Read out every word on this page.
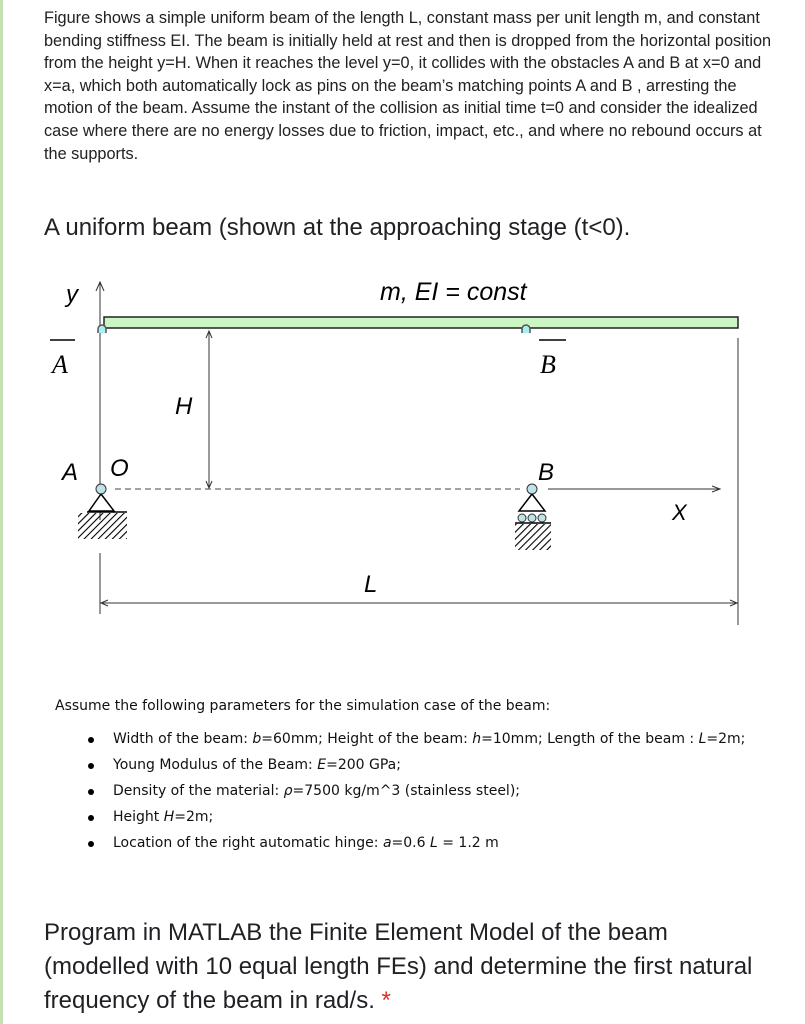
Figure shows a simple uniform beam of the length L, constant mass per unit length m, and constant bending stiffness EI. The beam is initially held at rest and then is dropped from the horizontal position from the height y=H. When it reaches the level y=0, it collides with the obstacles A and B at x=0 and x=a, which both automatically lock as pins on the beam’s matching points A and B , arresting the motion of the beam. Assume the instant of the collision as initial time t=0 and consider the idealized case where there are no energy losses due to friction, impact, etc., and where no rebound occurs at the supports.
A uniform beam (shown at the approaching stage (t<0).
y	m, EI = const
A	B
H
A O	B
X
L
Assume the following parameters for the simulation case of the beam:
Width of the beam: b=60mm; Height of the beam: h=10mm; Length of the beam : L=2m;
Young Modulus of the Beam: E=200 GPa;
Density of the material: ρ=7500 kg/m^3 (stainless steel);
Height H=2m;
Location of the right automatic hinge: a=0.6 L = 1.2 m
Program in MATLAB the Finite Element Model of the beam (modelled with 10 equal length FEs) and determine the first natural frequency of the beam in rad/s. *
